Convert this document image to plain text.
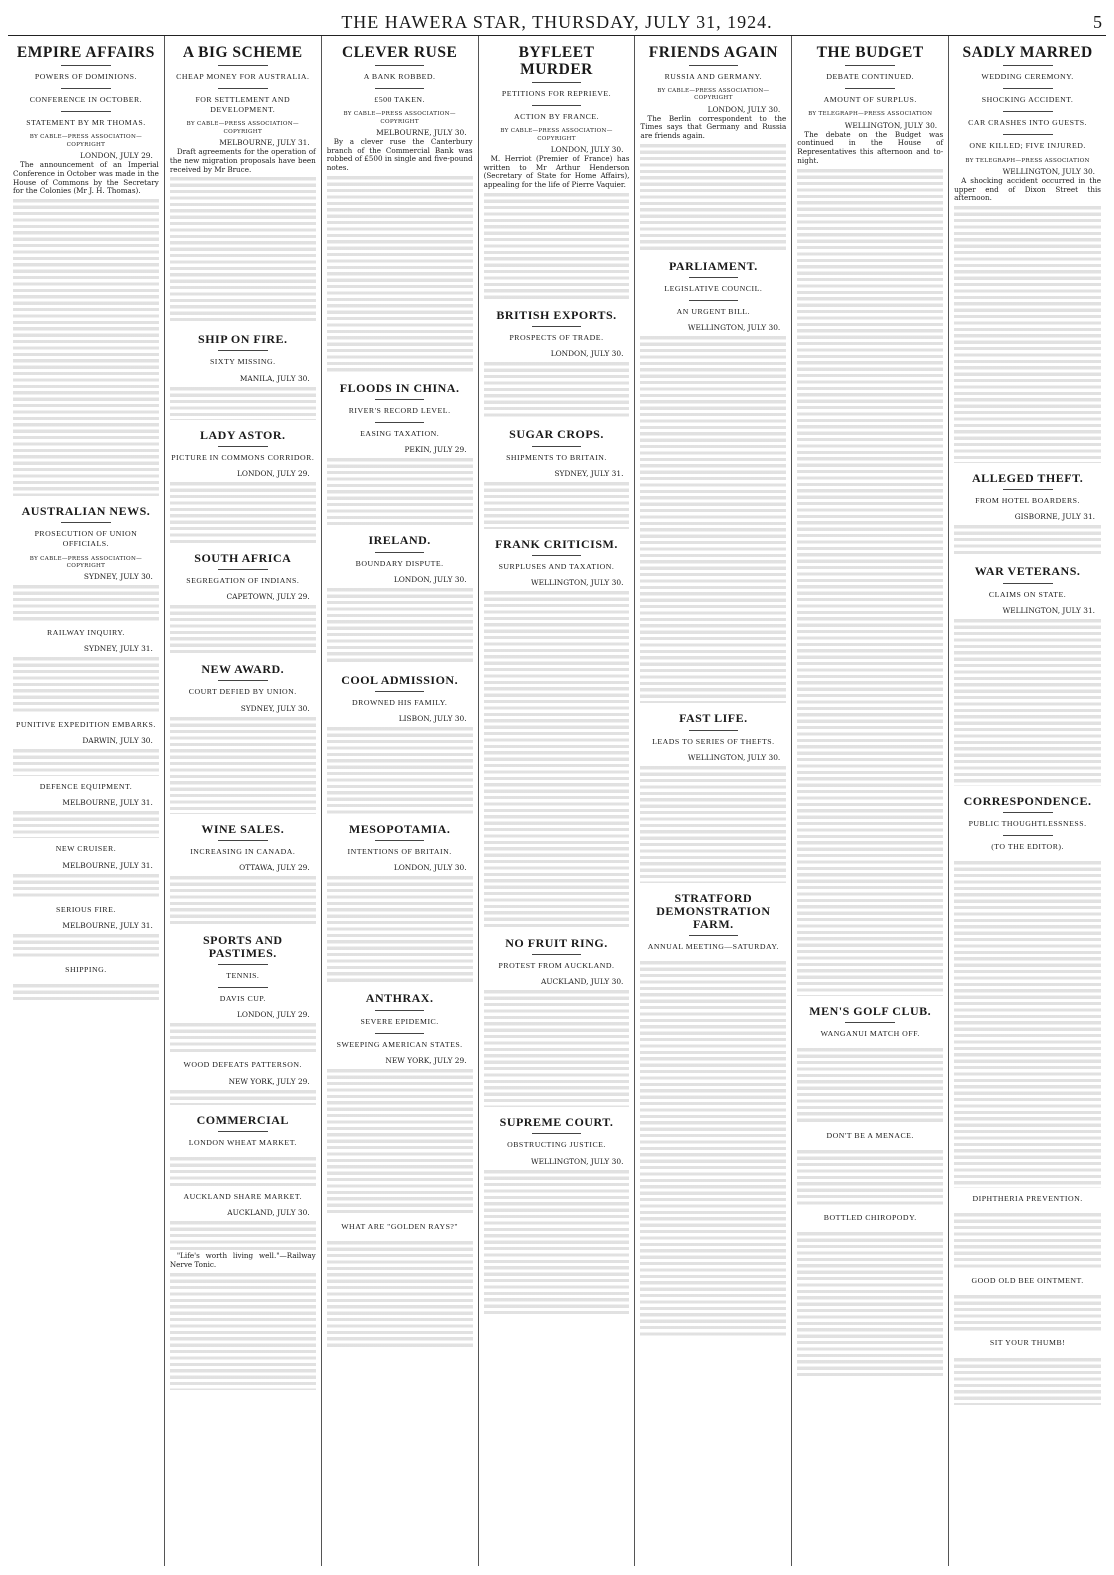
THE HAWERA STAR, THURSDAY, JULY 31, 1924.	5
EMPIRE AFFAIRS
POWERS OF DOMINIONS.
CONFERENCE IN OCTOBER.
STATEMENT BY MR THOMAS.
BY CABLE—PRESS ASSOCIATION—COPYRIGHT
LONDON, JULY 29.

The announcement of an Imperial Conference in October was made in the House of Commons by the Secretary for the Colonies (Mr J. H. Thomas).

AUSTRALIAN NEWS.
PROSECUTION OF UNION OFFICIALS.
BY CABLE—PRESS ASSOCIATION—COPYRIGHT
SYDNEY, JULY 30.
RAILWAY INQUIRY.
SYDNEY, JULY 31.
PUNITIVE EXPEDITION EMBARKS.
DARWIN, JULY 30.
DEFENCE EQUIPMENT.
MELBOURNE, JULY 31.
NEW CRUISER.
MELBOURNE, JULY 31.
SERIOUS FIRE.
MELBOURNE, JULY 31.
SHIPPING.
A BIG SCHEME
CHEAP MONEY FOR AUSTRALIA.
FOR SETTLEMENT AND DEVELOPMENT.
BY CABLE—PRESS ASSOCIATION—COPYRIGHT
MELBOURNE, JULY 31.

Draft agreements for the operation of the new migration proposals have been received by Mr Bruce.

SHIP ON FIRE.
SIXTY MISSING.
MANILA, JULY 30.
LADY ASTOR.
PICTURE IN COMMONS CORRIDOR.
LONDON, JULY 29.
SOUTH AFRICA
SEGREGATION OF INDIANS.
CAPETOWN, JULY 29.
NEW AWARD.
COURT DEFIED BY UNION.
SYDNEY, JULY 30.
WINE SALES.
INCREASING IN CANADA.
OTTAWA, JULY 29.
SPORTS AND PASTIMES.
TENNIS.
DAVIS CUP.
LONDON, JULY 29.
WOOD DEFEATS PATTERSON.
NEW YORK, JULY 29.
COMMERCIAL
LONDON WHEAT MARKET.
AUCKLAND SHARE MARKET.
AUCKLAND, JULY 30.

"Life's worth living well."—Railway Nerve Tonic.

CLEVER RUSE
A BANK ROBBED.
£500 TAKEN.
BY CABLE—PRESS ASSOCIATION—COPYRIGHT
MELBOURNE, JULY 30.

By a clever ruse the Canterbury branch of the Commercial Bank was robbed of £500 in single and five-pound notes.

FLOODS IN CHINA.
RIVER'S RECORD LEVEL.
EASING TAXATION.
PEKIN, JULY 29.
IRELAND.
BOUNDARY DISPUTE.
LONDON, JULY 30.
COOL ADMISSION.
DROWNED HIS FAMILY.
LISBON, JULY 30.
MESOPOTAMIA.
INTENTIONS OF BRITAIN.
LONDON, JULY 30.
ANTHRAX.
SEVERE EPIDEMIC.
SWEEPING AMERICAN STATES.
NEW YORK, JULY 29.
WHAT ARE "GOLDEN RAYS?"
BYFLEET MURDER
PETITIONS FOR REPRIEVE.
ACTION BY FRANCE.
BY CABLE—PRESS ASSOCIATION—COPYRIGHT
LONDON, JULY 30.

M. Herriot (Premier of France) has written to Mr Arthur Henderson (Secretary of State for Home Affairs), appealing for the life of Pierre Vaquier.

BRITISH EXPORTS.
PROSPECTS OF TRADE.
LONDON, JULY 30.
SUGAR CROPS.
SHIPMENTS TO BRITAIN.
SYDNEY, JULY 31.
FRANK CRITICISM.
SURPLUSES AND TAXATION.
WELLINGTON, JULY 30.
NO FRUIT RING.
PROTEST FROM AUCKLAND.
AUCKLAND, JULY 30.
SUPREME COURT.
OBSTRUCTING JUSTICE.
WELLINGTON, JULY 30.
FRIENDS AGAIN
RUSSIA AND GERMANY.
BY CABLE—PRESS ASSOCIATION—COPYRIGHT
LONDON, JULY 30.

The Berlin correspondent to the Times says that Germany and Russia are friends again.

PARLIAMENT.
LEGISLATIVE COUNCIL.
AN URGENT BILL.
WELLINGTON, JULY 30.
FAST LIFE.
LEADS TO SERIES OF THEFTS.
WELLINGTON, JULY 30.
STRATFORD DEMONSTRATION FARM.
ANNUAL MEETING—SATURDAY.
THE BUDGET
DEBATE CONTINUED.
AMOUNT OF SURPLUS.
BY TELEGRAPH—PRESS ASSOCIATION
WELLINGTON, JULY 30.

The debate on the Budget was continued in the House of Representatives this afternoon and to-night.

MEN'S GOLF CLUB.
WANGANUI MATCH OFF.
DON'T BE A MENACE.
BOTTLED CHIROPODY.
SADLY MARRED
WEDDING CEREMONY.
SHOCKING ACCIDENT.
CAR CRASHES INTO GUESTS.
ONE KILLED; FIVE INJURED.
BY TELEGRAPH—PRESS ASSOCIATION
WELLINGTON, JULY 30.

A shocking accident occurred in the upper end of Dixon Street this afternoon.

ALLEGED THEFT.
FROM HOTEL BOARDERS.
GISBORNE, JULY 31.
WAR VETERANS.
CLAIMS ON STATE.
WELLINGTON, JULY 31.
CORRESPONDENCE.
PUBLIC THOUGHTLESSNESS.
(TO THE EDITOR).
DIPHTHERIA PREVENTION.
GOOD OLD BEE OINTMENT.
SIT YOUR THUMB!
